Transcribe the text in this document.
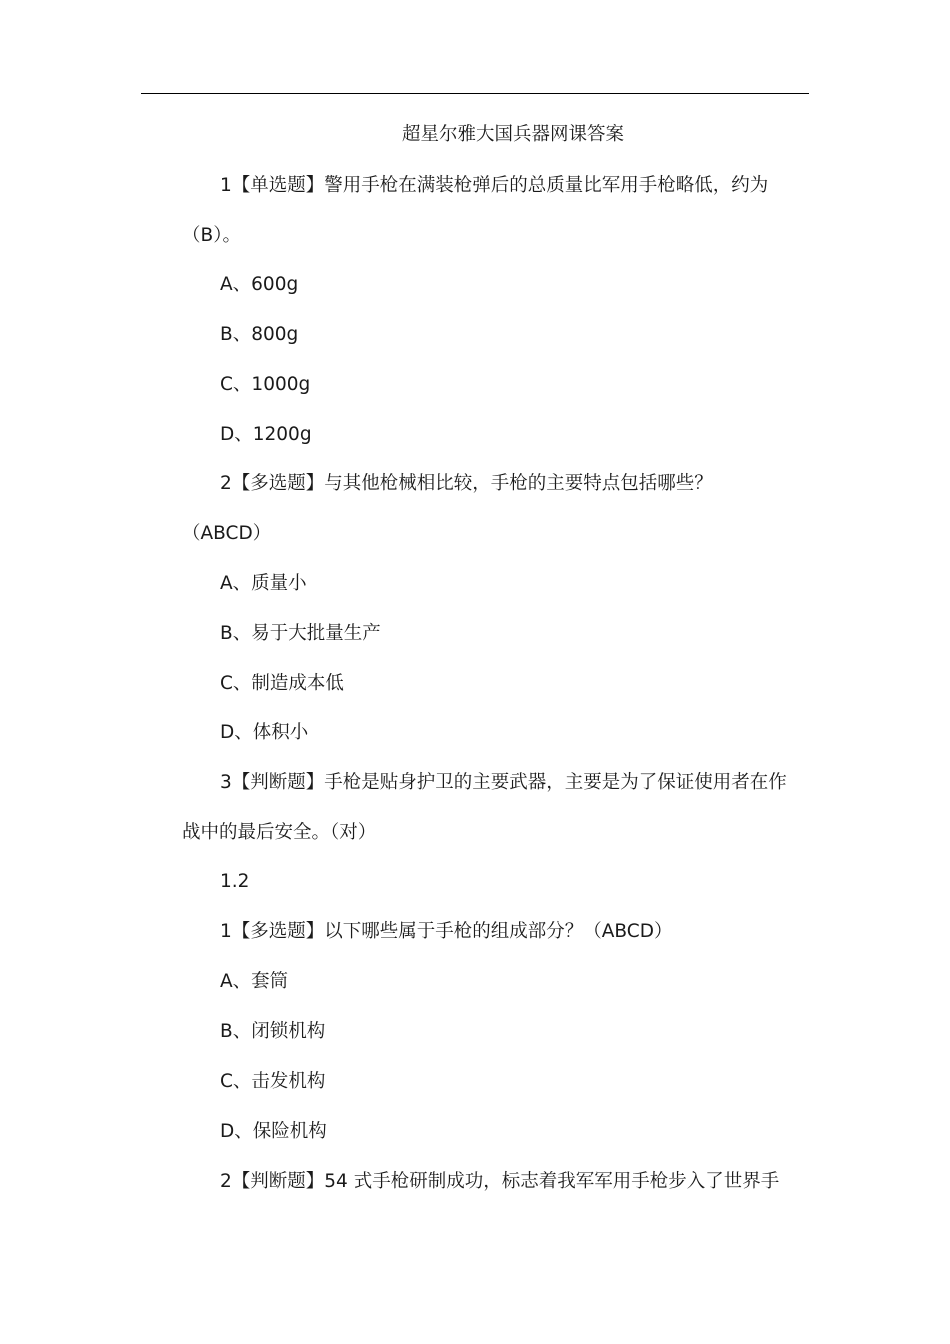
超星尔雅大国兵器网课答案
1【单选题】警用手枪在满装枪弹后的总质量比军用手枪略低，约为
（B）。
A、600g
B、800g
C、1000g
D、1200g
2【多选题】与其他枪械相比较，手枪的主要特点包括哪些？
（ABCD）
A、质量小
B、易于大批量生产
C、制造成本低
D、体积小
3【判断题】手枪是贴身护卫的主要武器，主要是为了保证使用者在作
战中的最后安全。（对）
1.2
1【多选题】以下哪些属于手枪的组成部分？（ABCD）
A、套筒
B、闭锁机构
C、击发机构
D、保险机构
2【判断题】54 式手枪研制成功，标志着我军军用手枪步入了世界手
